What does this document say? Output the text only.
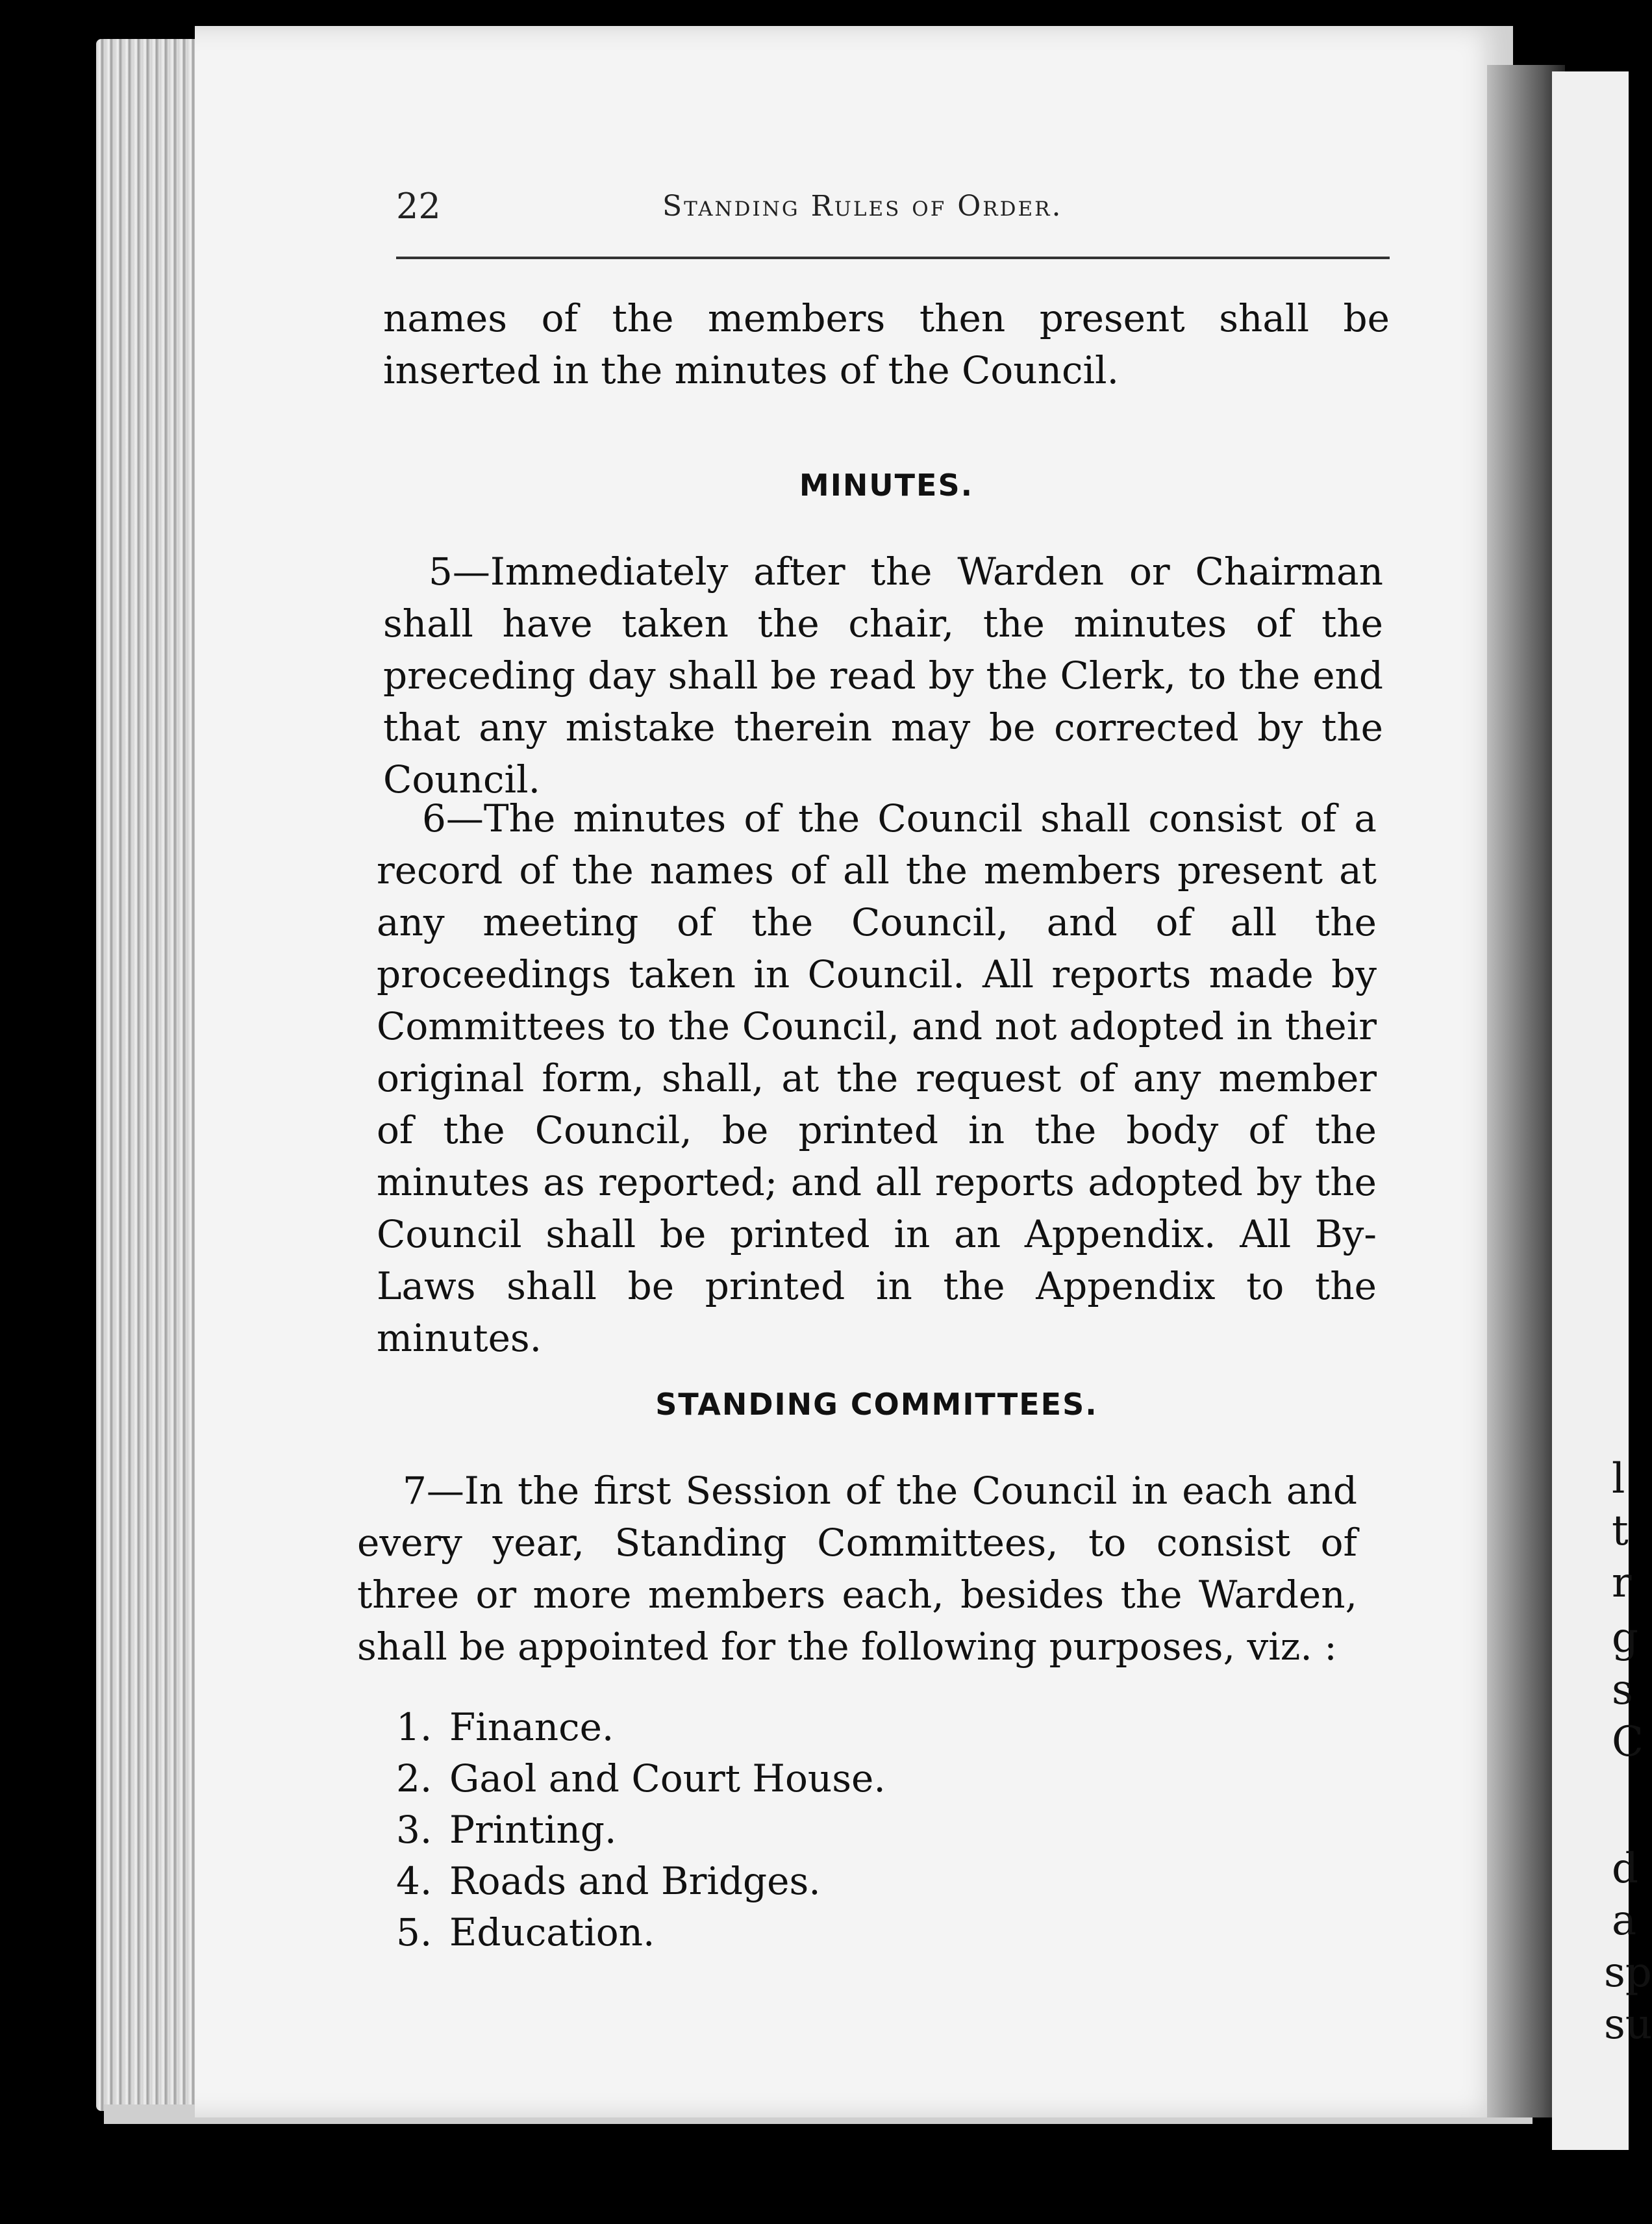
22	Standing Rules of Order.

names of the members then present shall be inserted in the minutes of the Council.

MINUTES.

5—Immediately after the Warden or Chairman shall have taken the chair, the minutes of the preceding day shall be read by the Clerk, to the end that any mistake therein may be corrected by the Council.

6—The minutes of the Council shall consist of a record of the names of all the members present at any meeting of the Council, and of all the proceedings taken in Council. All reports made by Committees to the Council, and not adopted in their original form, shall, at the request of any member of the Council, be printed in the body of the minutes as reported; and all reports adopted by the Council shall be printed in an Appendix. All By-Laws shall be printed in the Appendix to the minutes.

STANDING COMMITTEES.

7—In the first Session of the Council in each and every year, Standing Committees, to consist of three or more members each, besides the Warden, shall be appointed for the following purposes, viz. :

1. Finance.
2. Gaol and Court House.
3. Printing.
4. Roads and Bridges.
5. Education.
l
t
r
g
s
C
d
a
sp
su
